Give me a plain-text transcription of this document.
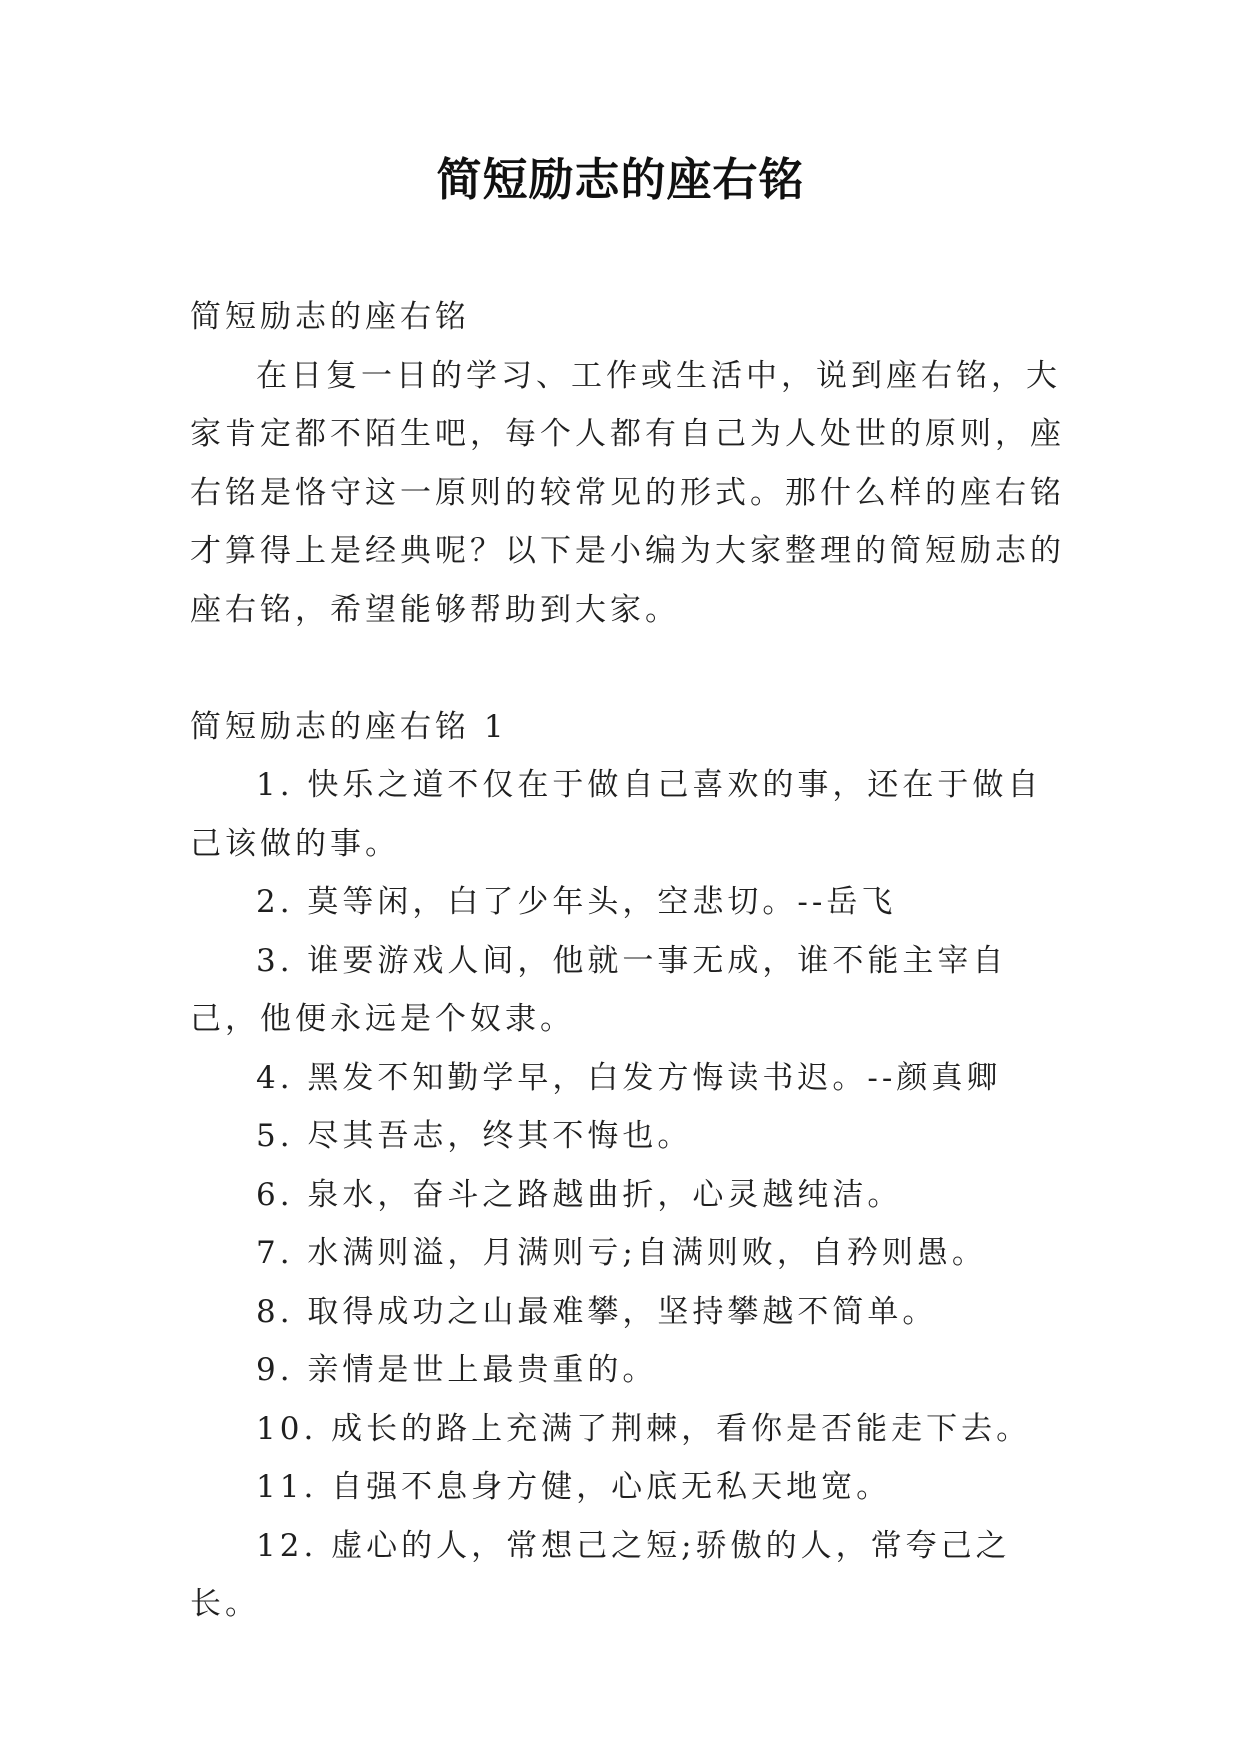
简短励志的座右铭

简短励志的座右铭

在日复一日的学习、工作或生活中，说到座右铭，大家肯定都不陌生吧，每个人都有自己为人处世的原则，座右铭是恪守这一原则的较常见的形式。那什么样的座右铭才算得上是经典呢？以下是小编为大家整理的简短励志的座右铭，希望能够帮助到大家。

简短励志的座右铭 1

1. 快乐之道不仅在于做自己喜欢的事，还在于做自己该做的事。

2. 莫等闲，白了少年头，空悲切。--岳飞

3. 谁要游戏人间，他就一事无成，谁不能主宰自己，他便永远是个奴隶。

4. 黑发不知勤学早，白发方悔读书迟。--颜真卿

5. 尽其吾志，终其不悔也。

6. 泉水，奋斗之路越曲折，心灵越纯洁。

7. 水满则溢，月满则亏;自满则败，自矜则愚。

8. 取得成功之山最难攀，坚持攀越不简单。

9. 亲情是世上最贵重的。

10. 成长的路上充满了荆棘，看你是否能走下去。

11. 自强不息身方健，心底无私天地宽。

12. 虚心的人，常想己之短;骄傲的人，常夸己之长。
